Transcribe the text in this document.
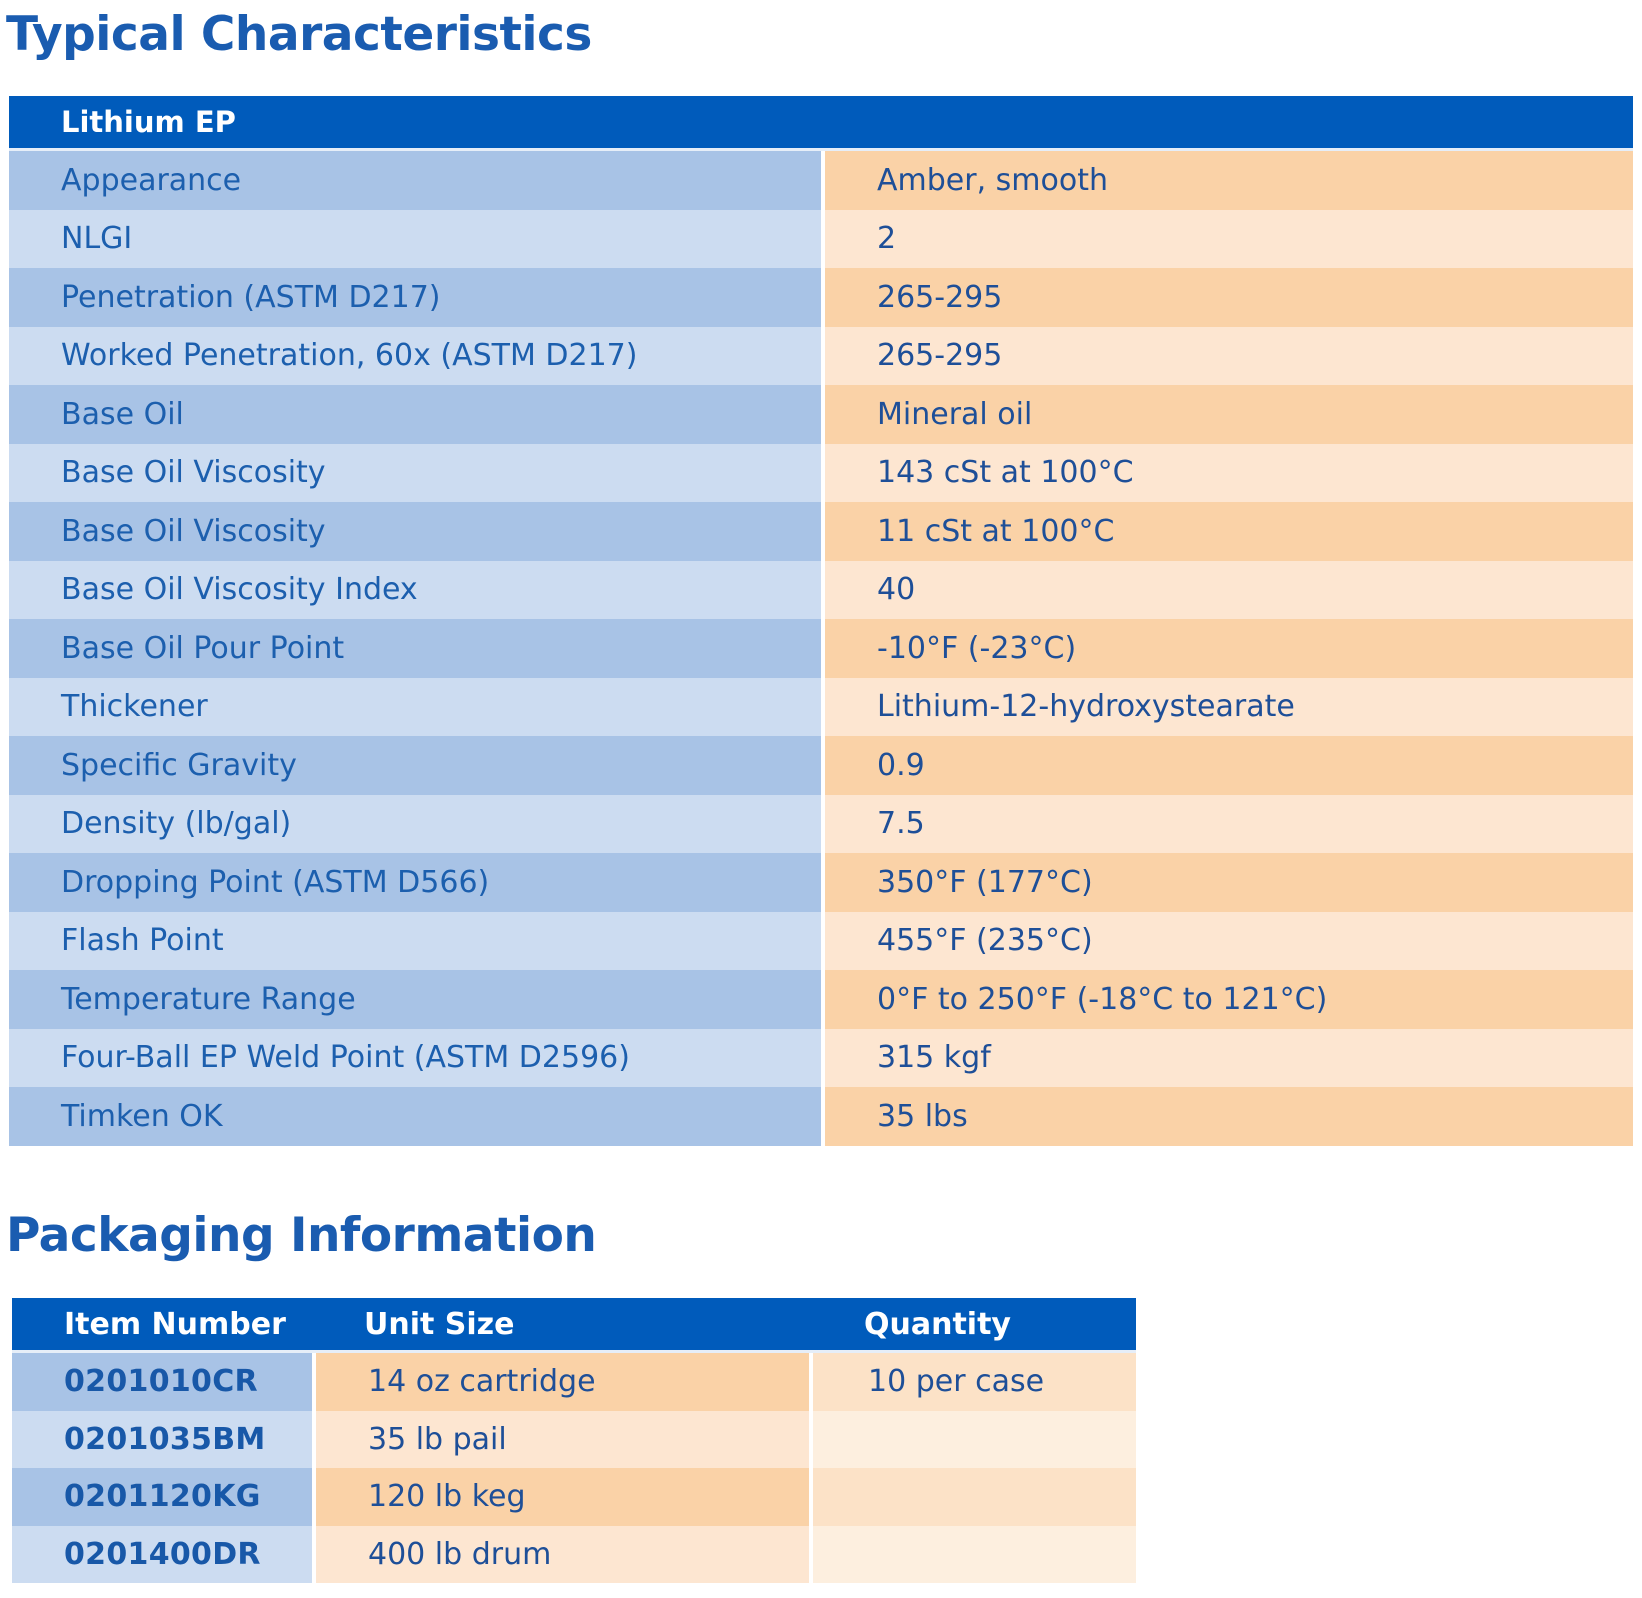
Typical Characteristics
Lithium EP	
Appearance	Amber, smooth
NLGI	2
Penetration (ASTM D217)	265-295
Worked Penetration, 60x (ASTM D217)	265-295
Base Oil	Mineral oil
Base Oil Viscosity	143 cSt at 100°C
Base Oil Viscosity	11 cSt at 100°C
Base Oil Viscosity Index	40
Base Oil Pour Point	-10°F (-23°C)
Thickener	Lithium-12-hydroxystearate
Specific Gravity	0.9
Density (lb/gal)	7.5
Dropping Point (ASTM D566)	350°F (177°C)
Flash Point	455°F (235°C)
Temperature Range	0°F to 250°F (-18°C to 121°C)
Four-Ball EP Weld Point (ASTM D2596)	315 kgf
Timken OK	35 lbs
Packaging Information
Item Number	Unit Size	Quantity
0201010CR	14 oz cartridge	10 per case
0201035BM	35 lb pail	
0201120KG	120 lb keg	
0201400DR	400 lb drum	
